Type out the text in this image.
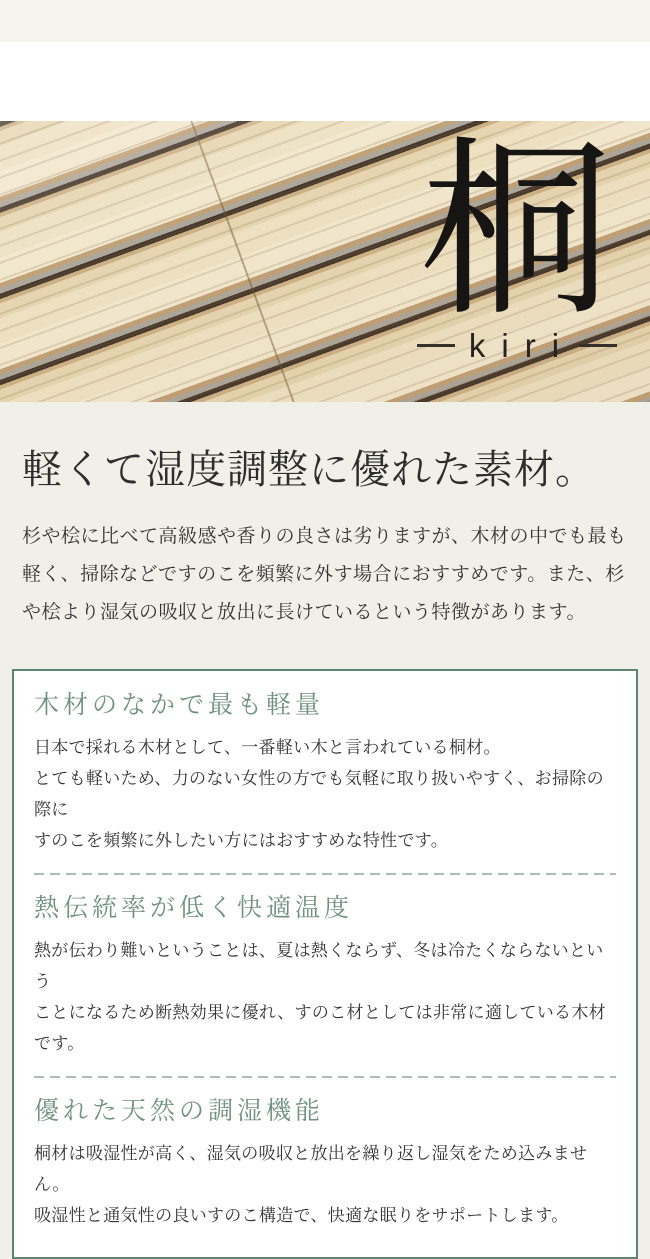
桐
kiri
軽くて湿度調整に優れた素材。
杉や桧に比べて高級感や香りの良さは劣りますが、木材の中でも最も
軽く、掃除などですのこを頻繁に外す場合におすすめです。また、杉
や桧より湿気の吸収と放出に長けているという特徴があります。
木材のなかで最も軽量
日本で採れる木材として、一番軽い木と言われている桐材。
とても軽いため、力のない女性の方でも気軽に取り扱いやすく、お掃除の際に
すのこを頻繁に外したい方にはおすすめな特性です。
熱伝統率が低く快適温度
熱が伝わり難いということは、夏は熱くならず、冬は冷たくならないという
ことになるため断熱効果に優れ、すのこ材としては非常に適している木材です。
優れた天然の調湿機能
桐材は吸湿性が高く、湿気の吸収と放出を繰り返し湿気をため込みません。
吸湿性と通気性の良いすのこ構造で、快適な眠りをサポートします。
